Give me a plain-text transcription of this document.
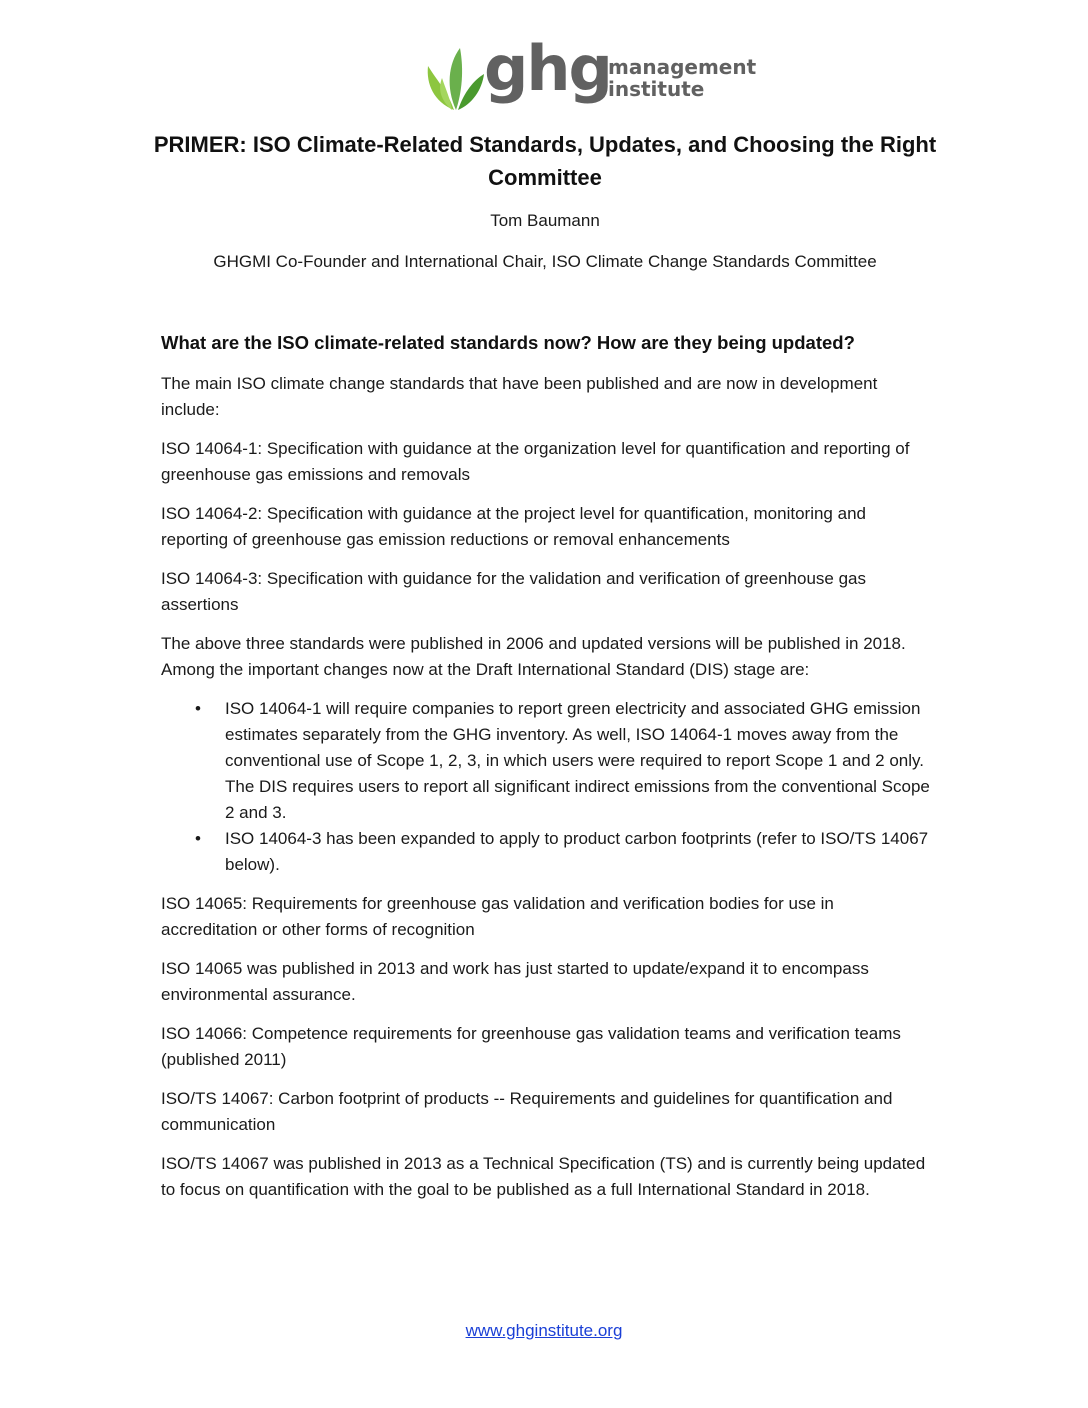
ghg
management
institute
PRIMER: ISO Climate-Related Standards, Updates, and Choosing the Right Committee

Tom Baumann

GHGMI Co-Founder and International Chair, ISO Climate Change Standards Committee

What are the ISO climate-related standards now? How are they being updated?

The main ISO climate change standards that have been published and are now in development include:

ISO 14064-1: Specification with guidance at the organization level for quantification and reporting of greenhouse gas emissions and removals

ISO 14064-2: Specification with guidance at the project level for quantification, monitoring and reporting of greenhouse gas emission reductions or removal enhancements

ISO 14064-3: Specification with guidance for the validation and verification of greenhouse gas assertions

The above three standards were published in 2006 and updated versions will be published in 2018. Among the important changes now at the Draft International Standard (DIS) stage are:

• ISO 14064-1 will require companies to report green electricity and associated GHG emission estimates separately from the GHG inventory. As well, ISO 14064-1 moves away from the conventional use of Scope 1, 2, 3, in which users were required to report Scope 1 and 2 only. The DIS requires users to report all significant indirect emissions from the conventional Scope 2 and 3.
• ISO 14064-3 has been expanded to apply to product carbon footprints (refer to ISO/TS 14067 below).

ISO 14065: Requirements for greenhouse gas validation and verification bodies for use in accreditation or other forms of recognition

ISO 14065 was published in 2013 and work has just started to update/expand it to encompass environmental assurance.

ISO 14066: Competence requirements for greenhouse gas validation teams and verification teams (published 2011)

ISO/TS 14067: Carbon footprint of products -- Requirements and guidelines for quantification and communication

ISO/TS 14067 was published in 2013 as a Technical Specification (TS) and is currently being updated to focus on quantification with the goal to be published as a full International Standard in 2018.

www.ghginstitute.org
